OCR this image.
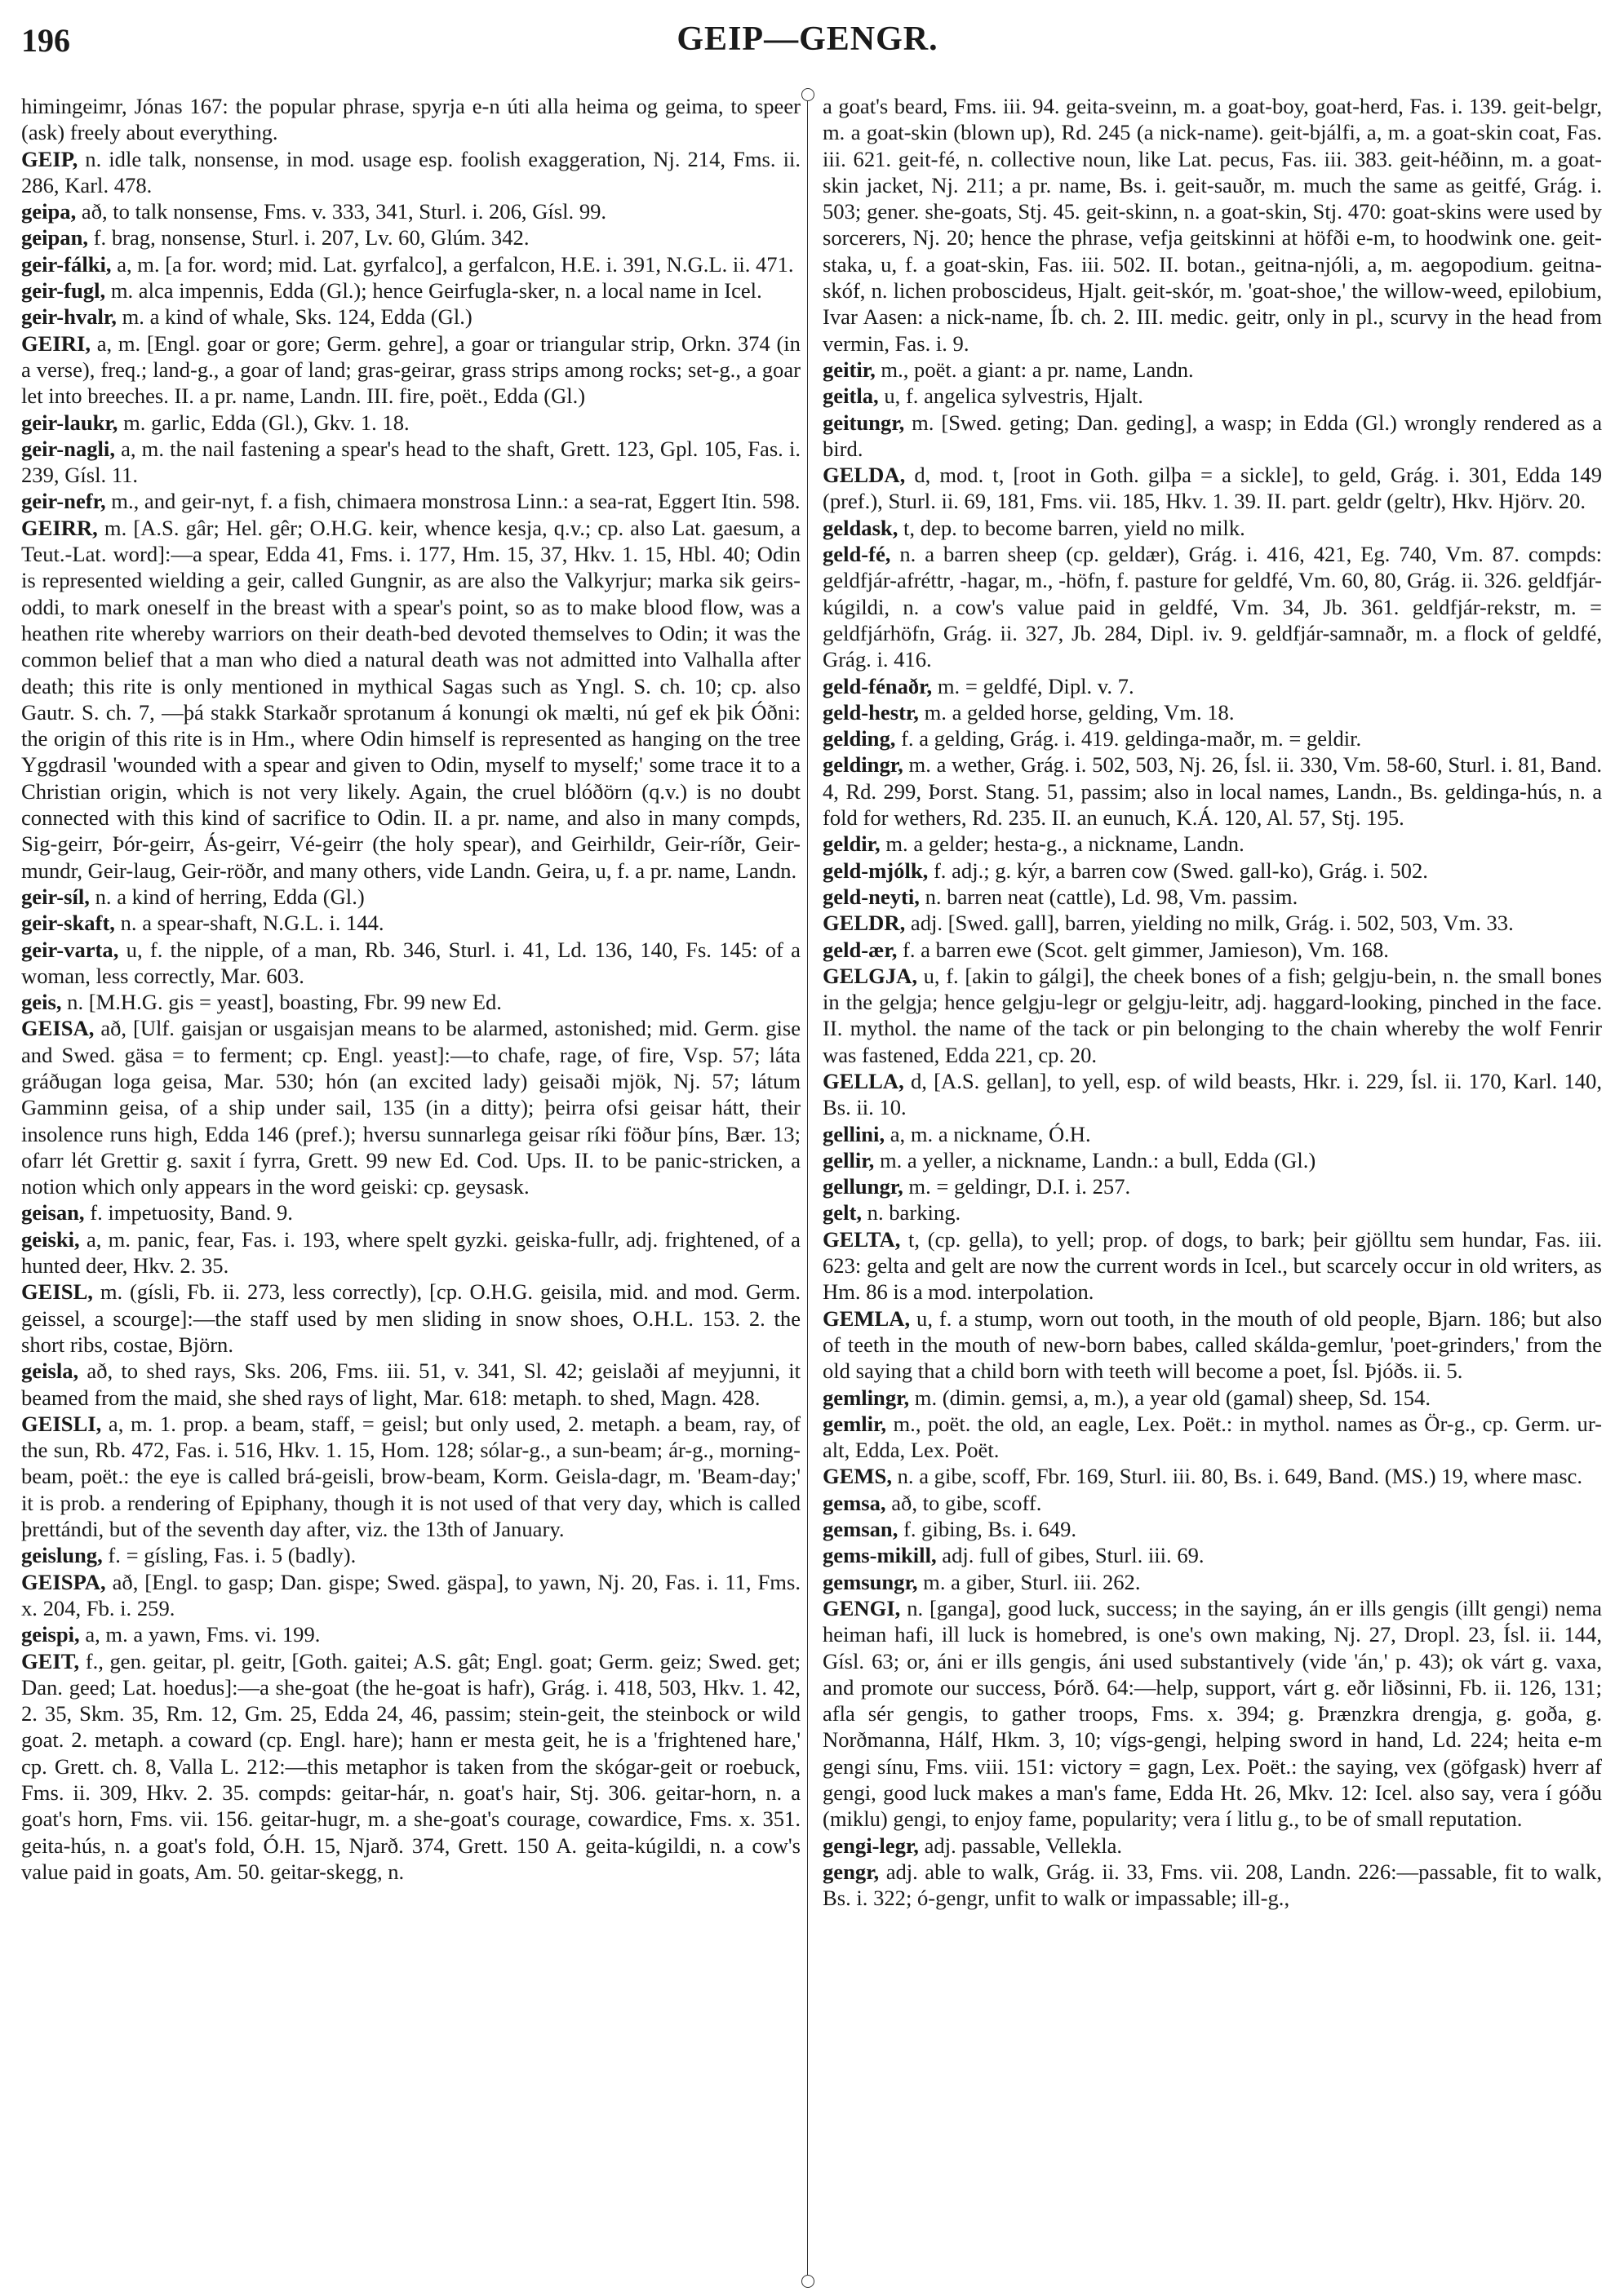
196	GEIP—GENGR.

himingeimr, Jónas 167: the popular phrase, spyrja e-n úti alla heima og geima, to speer (ask) freely about everything.

GEIP, n. idle talk, nonsense, in mod. usage esp. foolish exaggeration, Nj. 214, Fms. ii. 286, Karl. 478.

geipa, að, to talk nonsense, Fms. v. 333, 341, Sturl. i. 206, Gísl. 99.

geipan, f. brag, nonsense, Sturl. i. 207, Lv. 60, Glúm. 342.

geir-fálki, a, m. [a for. word; mid. Lat. gyrfalco], a gerfalcon, H.E. i. 391, N.G.L. ii. 471.

geir-fugl, m. alca impennis, Edda (Gl.); hence Geirfugla-sker, n. a local name in Icel.

geir-hvalr, m. a kind of whale, Sks. 124, Edda (Gl.)

GEIRI, a, m. [Engl. goar or gore; Germ. gehre], a goar or triangular strip, Orkn. 374 (in a verse), freq.; land-g., a goar of land; gras-geirar, grass strips among rocks; set-g., a goar let into breeches. II. a pr. name, Landn. III. fire, poët., Edda (Gl.)

geir-laukr, m. garlic, Edda (Gl.), Gkv. 1. 18.

geir-nagli, a, m. the nail fastening a spear's head to the shaft, Grett. 123, Gpl. 105, Fas. i. 239, Gísl. 11.

geir-nefr, m., and geir-nyt, f. a fish, chimaera monstrosa Linn.: a sea-rat, Eggert Itin. 598.

GEIRR, m. [A.S. gâr; Hel. gêr; O.H.G. keir, whence kesja, q.v.; cp. also Lat. gaesum, a Teut.-Lat. word]:—a spear, Edda 41, Fms. i. 177, Hm. 15, 37, Hkv. 1. 15, Hbl. 40; Odin is represented wielding a geir, called Gungnir, as are also the Valkyrjur; marka sik geirs-oddi, to mark oneself in the breast with a spear's point, so as to make blood flow, was a heathen rite whereby warriors on their death-bed devoted themselves to Odin; it was the common belief that a man who died a natural death was not admitted into Valhalla after death; this rite is only mentioned in mythical Sagas such as Yngl. S. ch. 10; cp. also Gautr. S. ch. 7, —þá stakk Starkaðr sprotanum á konungi ok mælti, nú gef ek þik Óðni: the origin of this rite is in Hm., where Odin himself is represented as hanging on the tree Yggdrasil 'wounded with a spear and given to Odin, myself to myself;' some trace it to a Christian origin, which is not very likely. Again, the cruel blóðörn (q.v.) is no doubt connected with this kind of sacrifice to Odin. II. a pr. name, and also in many compds, Sig-geirr, Þór-geirr, Ás-geirr, Vé-geirr (the holy spear), and Geirhildr, Geir-ríðr, Geir-mundr, Geir-laug, Geir-röðr, and many others, vide Landn. Geira, u, f. a pr. name, Landn.

geir-síl, n. a kind of herring, Edda (Gl.)

geir-skaft, n. a spear-shaft, N.G.L. i. 144.

geir-varta, u, f. the nipple, of a man, Rb. 346, Sturl. i. 41, Ld. 136, 140, Fs. 145: of a woman, less correctly, Mar. 603.

geis, n. [M.H.G. gis = yeast], boasting, Fbr. 99 new Ed.

GEISA, að, [Ulf. gaisjan or usgaisjan means to be alarmed, astonished; mid. Germ. gise and Swed. gäsa = to ferment; cp. Engl. yeast]:—to chafe, rage, of fire, Vsp. 57; láta gráðugan loga geisa, Mar. 530; hón (an excited lady) geisaði mjök, Nj. 57; látum Gamminn geisa, of a ship under sail, 135 (in a ditty); þeirra ofsi geisar hátt, their insolence runs high, Edda 146 (pref.); hversu sunnarlega geisar ríki föður þíns, Bær. 13; ofarr lét Grettir g. saxit í fyrra, Grett. 99 new Ed. Cod. Ups. II. to be panic-stricken, a notion which only appears in the word geiski: cp. geysask.

geisan, f. impetuosity, Band. 9.

geiski, a, m. panic, fear, Fas. i. 193, where spelt gyzki. geiska-fullr, adj. frightened, of a hunted deer, Hkv. 2. 35.

GEISL, m. (gísli, Fb. ii. 273, less correctly), [cp. O.H.G. geisila, mid. and mod. Germ. geissel, a scourge]:—the staff used by men sliding in snow shoes, O.H.L. 153. 2. the short ribs, costae, Björn.

geisla, að, to shed rays, Sks. 206, Fms. iii. 51, v. 341, Sl. 42; geislaði af meyjunni, it beamed from the maid, she shed rays of light, Mar. 618: metaph. to shed, Magn. 428.

GEISLI, a, m. 1. prop. a beam, staff, = geisl; but only used, 2. metaph. a beam, ray, of the sun, Rb. 472, Fas. i. 516, Hkv. 1. 15, Hom. 128; sólar-g., a sun-beam; ár-g., morning-beam, poët.: the eye is called brá-geisli, brow-beam, Korm. Geisla-dagr, m. 'Beam-day;' it is prob. a rendering of Epiphany, though it is not used of that very day, which is called þrettándi, but of the seventh day after, viz. the 13th of January.

geislung, f. = gísling, Fas. i. 5 (badly).

GEISPA, að, [Engl. to gasp; Dan. gispe; Swed. gäspa], to yawn, Nj. 20, Fas. i. 11, Fms. x. 204, Fb. i. 259.

geispi, a, m. a yawn, Fms. vi. 199.

GEIT, f., gen. geitar, pl. geitr, [Goth. gaitei; A.S. gât; Engl. goat; Germ. geiz; Swed. get; Dan. geed; Lat. hoedus]:—a she-goat (the he-goat is hafr), Grág. i. 418, 503, Hkv. 1. 42, 2. 35, Skm. 35, Rm. 12, Gm. 25, Edda 24, 46, passim; stein-geit, the steinbock or wild goat. 2. metaph. a coward (cp. Engl. hare); hann er mesta geit, he is a 'frightened hare,' cp. Grett. ch. 8, Valla L. 212:—this metaphor is taken from the skógar-geit or roebuck, Fms. ii. 309, Hkv. 2. 35. compds: geitar-hár, n. goat's hair, Stj. 306. geitar-horn, n. a goat's horn, Fms. vii. 156. geitar-hugr, m. a she-goat's courage, cowardice, Fms. x. 351. geita-hús, n. a goat's fold, Ó.H. 15, Njarð. 374, Grett. 150 A. geita-kúgildi, n. a cow's value paid in goats, Am. 50. geitar-skegg, n.

a goat's beard, Fms. iii. 94. geita-sveinn, m. a goat-boy, goat-herd, Fas. i. 139. geit-belgr, m. a goat-skin (blown up), Rd. 245 (a nick-name). geit-bjálfi, a, m. a goat-skin coat, Fas. iii. 621. geit-fé, n. collective noun, like Lat. pecus, Fas. iii. 383. geit-héðinn, m. a goat-skin jacket, Nj. 211; a pr. name, Bs. i. geit-sauðr, m. much the same as geitfé, Grág. i. 503; gener. she-goats, Stj. 45. geit-skinn, n. a goat-skin, Stj. 470: goat-skins were used by sorcerers, Nj. 20; hence the phrase, vefja geitskinni at höfði e-m, to hoodwink one. geit-staka, u, f. a goat-skin, Fas. iii. 502. II. botan., geitna-njóli, a, m. aegopodium. geitna-skóf, n. lichen proboscideus, Hjalt. geit-skór, m. 'goat-shoe,' the willow-weed, epilobium, Ivar Aasen: a nick-name, Íb. ch. 2. III. medic. geitr, only in pl., scurvy in the head from vermin, Fas. i. 9.

geitir, m., poët. a giant: a pr. name, Landn.

geitla, u, f. angelica sylvestris, Hjalt.

geitungr, m. [Swed. geting; Dan. geding], a wasp; in Edda (Gl.) wrongly rendered as a bird.

GELDA, d, mod. t, [root in Goth. gilþa = a sickle], to geld, Grág. i. 301, Edda 149 (pref.), Sturl. ii. 69, 181, Fms. vii. 185, Hkv. 1. 39. II. part. geldr (geltr), Hkv. Hjörv. 20.

geldask, t, dep. to become barren, yield no milk.

geld-fé, n. a barren sheep (cp. geldær), Grág. i. 416, 421, Eg. 740, Vm. 87. compds: geldfjár-afréttr, -hagar, m., -höfn, f. pasture for geldfé, Vm. 60, 80, Grág. ii. 326. geldfjár-kúgildi, n. a cow's value paid in geldfé, Vm. 34, Jb. 361. geldfjár-rekstr, m. = geldfjárhöfn, Grág. ii. 327, Jb. 284, Dipl. iv. 9. geldfjár-samnaðr, m. a flock of geldfé, Grág. i. 416.

geld-fénaðr, m. = geldfé, Dipl. v. 7.

geld-hestr, m. a gelded horse, gelding, Vm. 18.

gelding, f. a gelding, Grág. i. 419. geldinga-maðr, m. = geldir.

geldingr, m. a wether, Grág. i. 502, 503, Nj. 26, Ísl. ii. 330, Vm. 58-60, Sturl. i. 81, Band. 4, Rd. 299, Þorst. Stang. 51, passim; also in local names, Landn., Bs. geldinga-hús, n. a fold for wethers, Rd. 235. II. an eunuch, K.Á. 120, Al. 57, Stj. 195.

geldir, m. a gelder; hesta-g., a nickname, Landn.

geld-mjólk, f. adj.; g. kýr, a barren cow (Swed. gall-ko), Grág. i. 502.

geld-neyti, n. barren neat (cattle), Ld. 98, Vm. passim.

GELDR, adj. [Swed. gall], barren, yielding no milk, Grág. i. 502, 503, Vm. 33.

geld-ær, f. a barren ewe (Scot. gelt gimmer, Jamieson), Vm. 168.

GELGJA, u, f. [akin to gálgi], the cheek bones of a fish; gelgju-bein, n. the small bones in the gelgja; hence gelgju-legr or gelgju-leitr, adj. haggard-looking, pinched in the face. II. mythol. the name of the tack or pin belonging to the chain whereby the wolf Fenrir was fastened, Edda 221, cp. 20.

GELLA, d, [A.S. gellan], to yell, esp. of wild beasts, Hkr. i. 229, Ísl. ii. 170, Karl. 140, Bs. ii. 10.

gellini, a, m. a nickname, Ó.H.

gellir, m. a yeller, a nickname, Landn.: a bull, Edda (Gl.)

gellungr, m. = geldingr, D.I. i. 257.

gelt, n. barking.

GELTA, t, (cp. gella), to yell; prop. of dogs, to bark; þeir gjölltu sem hundar, Fas. iii. 623: gelta and gelt are now the current words in Icel., but scarcely occur in old writers, as Hm. 86 is a mod. interpolation.

GEMLA, u, f. a stump, worn out tooth, in the mouth of old people, Bjarn. 186; but also of teeth in the mouth of new-born babes, called skálda-gemlur, 'poet-grinders,' from the old saying that a child born with teeth will become a poet, Ísl. Þjóðs. ii. 5.

gemlingr, m. (dimin. gemsi, a, m.), a year old (gamal) sheep, Sd. 154.

gemlir, m., poët. the old, an eagle, Lex. Poët.: in mythol. names as Ör-g., cp. Germ. ur-alt, Edda, Lex. Poët.

GEMS, n. a gibe, scoff, Fbr. 169, Sturl. iii. 80, Bs. i. 649, Band. (MS.) 19, where masc.

gemsa, að, to gibe, scoff.

gemsan, f. gibing, Bs. i. 649.

gems-mikill, adj. full of gibes, Sturl. iii. 69.

gemsungr, m. a giber, Sturl. iii. 262.

GENGI, n. [ganga], good luck, success; in the saying, án er ills gengis (illt gengi) nema heiman hafi, ill luck is homebred, is one's own making, Nj. 27, Dropl. 23, Ísl. ii. 144, Gísl. 63; or, áni er ills gengis, áni used substantively (vide 'án,' p. 43); ok várt g. vaxa, and promote our success, Þórð. 64:—help, support, várt g. eðr liðsinni, Fb. ii. 126, 131; afla sér gengis, to gather troops, Fms. x. 394; g. Þrænzkra drengja, g. goða, g. Norðmanna, Hálf, Hkm. 3, 10; vígs-gengi, helping sword in hand, Ld. 224; heita e-m gengi sínu, Fms. viii. 151: victory = gagn, Lex. Poët.: the saying, vex (göfgask) hverr af gengi, good luck makes a man's fame, Edda Ht. 26, Mkv. 12: Icel. also say, vera í góðu (miklu) gengi, to enjoy fame, popularity; vera í litlu g., to be of small reputation.

gengi-legr, adj. passable, Vellekla.

gengr, adj. able to walk, Grág. ii. 33, Fms. vii. 208, Landn. 226:—passable, fit to walk, Bs. i. 322; ó-gengr, unfit to walk or impassable; ill-g.,
